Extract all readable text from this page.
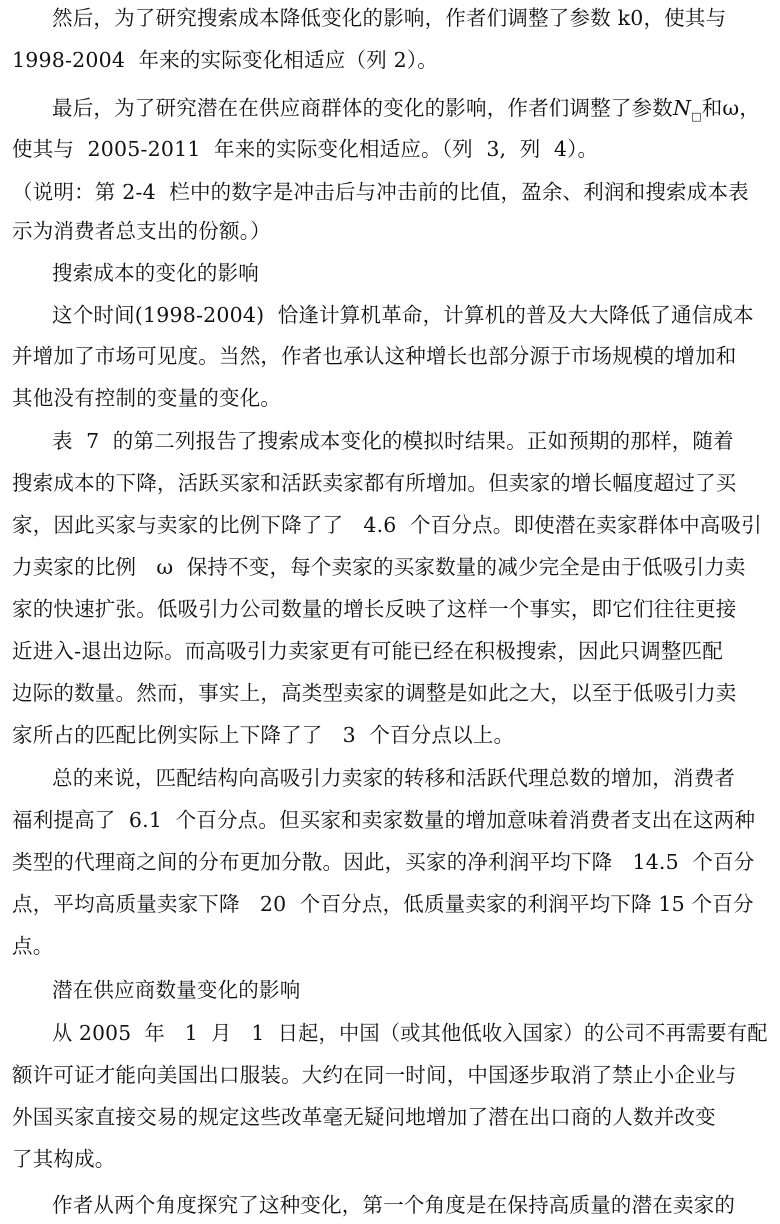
然后，为了研究搜索成本降低变化的影响，作者们调整了参数 k0，使其与
1998-2004  年来的实际变化相适应（列 2）。
最后，为了研究潜在在供应商群体的变化的影响，作者们调整了参数$N_□$和ω，
使其与  2005-2011  年来的实际变化相适应。（列  3,  列  4）。
（说明：第 2-4  栏中的数字是冲击后与冲击前的比值，盈余、利润和搜索成本表
示为消费者总支出的份额。）
搜索成本的变化的影响
这个时间(1998-2004)  恰逢计算机革命，计算机的普及大大降低了通信成本
并增加了市场可见度。当然，作者也承认这种增长也部分源于市场规模的增加和
其他没有控制的变量的变化。
表  7  的第二列报告了搜索成本变化的模拟时结果。正如预期的那样，随着
搜索成本的下降，活跃买家和活跃卖家都有所增加。但卖家的增长幅度超过了买
家，因此买家与卖家的比例下降了了   4.6  个百分点。即使潜在卖家群体中高吸引
力卖家的比例   ω  保持不变，每个卖家的买家数量的减少完全是由于低吸引力卖
家的快速扩张。低吸引力公司数量的增长反映了这样一个事实，即它们往往更接
近进入-退出边际。而高吸引力卖家更有可能已经在积极搜索，因此只调整匹配
边际的数量。然而，事实上，高类型卖家的调整是如此之大，以至于低吸引力卖
家所占的匹配比例实际上下降了了   3  个百分点以上。
总的来说，匹配结构向高吸引力卖家的转移和活跃代理总数的增加，消费者
福利提高了  6.1  个百分点。但买家和卖家数量的增加意味着消费者支出在这两种
类型的代理商之间的分布更加分散。因此，买家的净利润平均下降   14.5  个百分
点，平均高质量卖家下降   20  个百分点，低质量卖家的利润平均下降 15 个百分
点。
潜在供应商数量变化的影响
从 2005  年   1  月   1  日起，中国（或其他低收入国家）的公司不再需要有配
额许可证才能向美国出口服装。大约在同一时间，中国逐步取消了禁止小企业与
外国买家直接交易的规定这些改革毫无疑问地增加了潜在出口商的人数并改变
了其构成。
作者从两个角度探究了这种变化，第一个角度是在保持高质量的潜在卖家的
